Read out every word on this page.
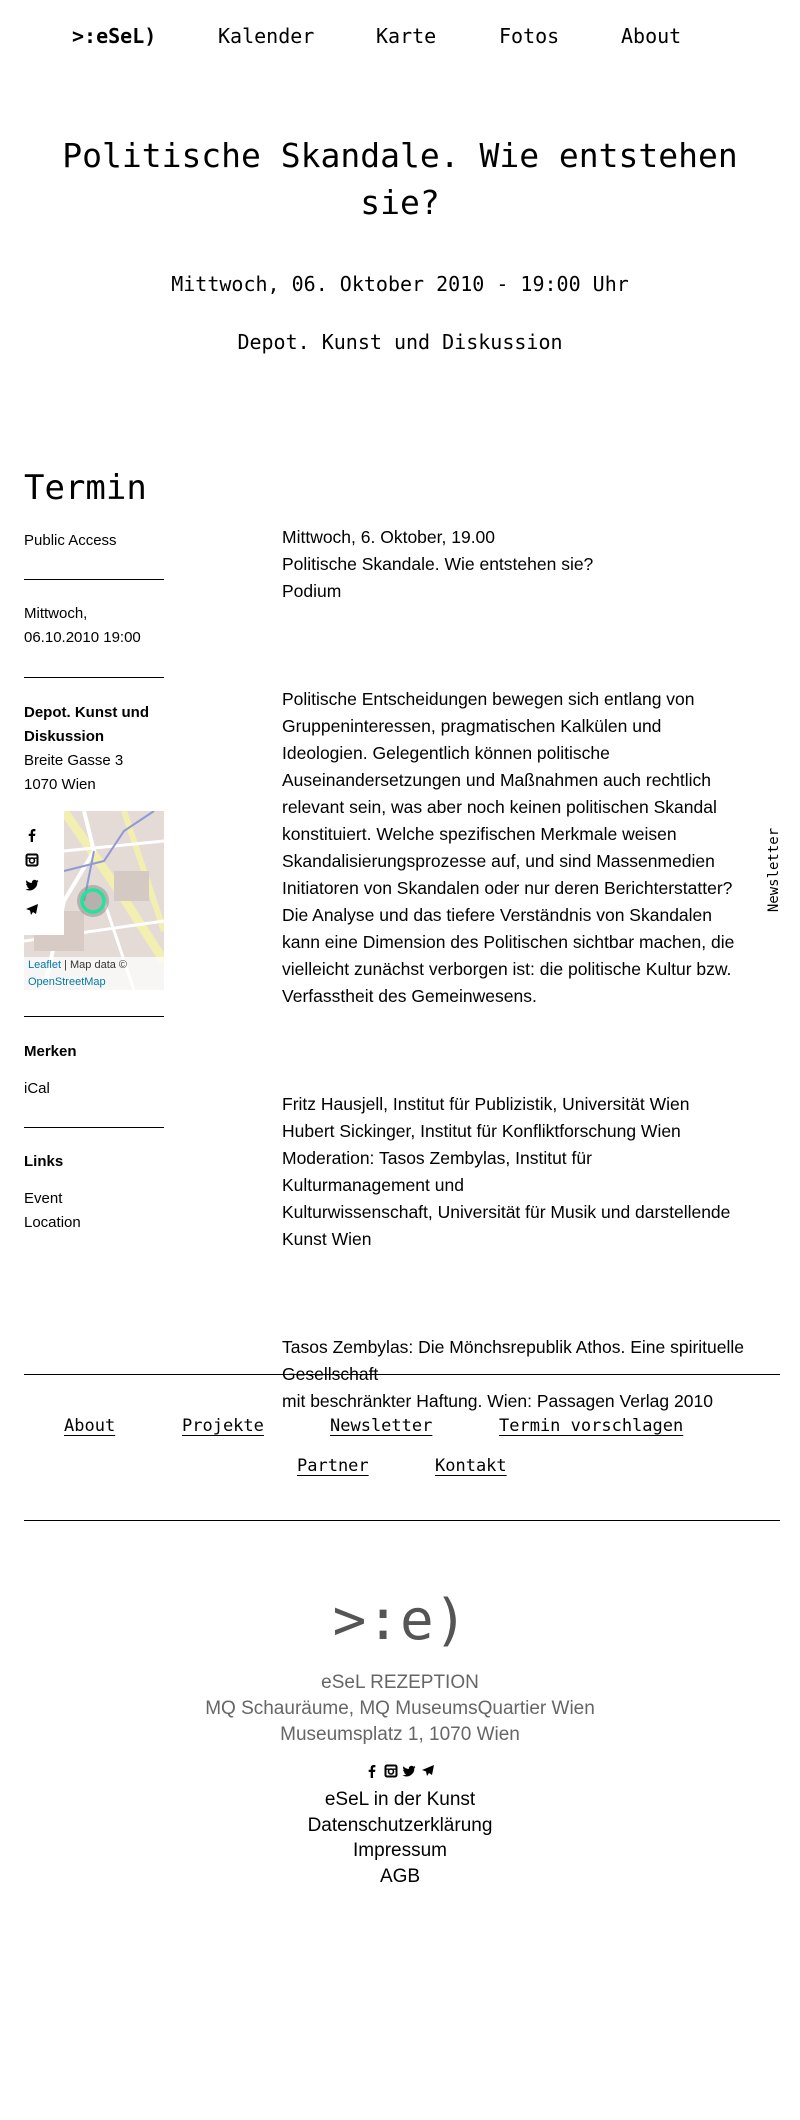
>:eSeL)	Kalender	Karte	Fotos	About
Politische Skandale. Wie entstehen sie?
Mittwoch, 06. Oktober 2010 - 19:00 Uhr
Depot. Kunst und Diskussion
Termin
Public Access
Mittwoch,
06.10.2010 19:00
Depot. Kunst und
Diskussion
Breite Gasse 3
1070 Wien
Leaflet | Map data ©
OpenStreetMap
Merken
iCal
Links
Event
Location

Mittwoch, 6. Oktober, 19.00
Politische Skandale. Wie entstehen sie?
Podium

Politische Entscheidungen bewegen sich entlang von
Gruppeninteressen, pragmatischen Kalkülen und
Ideologien. Gelegentlich können politische
Auseinandersetzungen und Maßnahmen auch rechtlich
relevant sein, was aber noch keinen politischen Skandal
konstituiert. Welche spezifischen Merkmale weisen
Skandalisierungsprozesse auf, und sind Massenmedien
Initiatoren von Skandalen oder nur deren Berichterstatter?
Die Analyse und das tiefere Verständnis von Skandalen
kann eine Dimension des Politischen sichtbar machen, die
vielleicht zunächst verborgen ist: die politische Kultur bzw.
Verfasstheit des Gemeinwesens.

Fritz Hausjell, Institut für Publizistik, Universität Wien
Hubert Sickinger, Institut für Konfliktforschung Wien
Moderation: Tasos Zembylas, Institut für
Kulturmanagement und
Kulturwissenschaft, Universität für Musik und darstellende
Kunst Wien

Tasos Zembylas: Die Mönchsrepublik Athos. Eine spirituelle
Gesellschaft
mit beschränkter Haftung. Wien: Passagen Verlag 2010

Newsletter
About	Projekte	Newsletter	Termin vorschlagen
Partner	Kontakt
>:e)
eSeL REZEPTION
MQ Schauräume, MQ MuseumsQuartier Wien
Museumsplatz 1, 1070 Wien

eSeL in der Kunst
Datenschutzerklärung
Impressum
AGB
